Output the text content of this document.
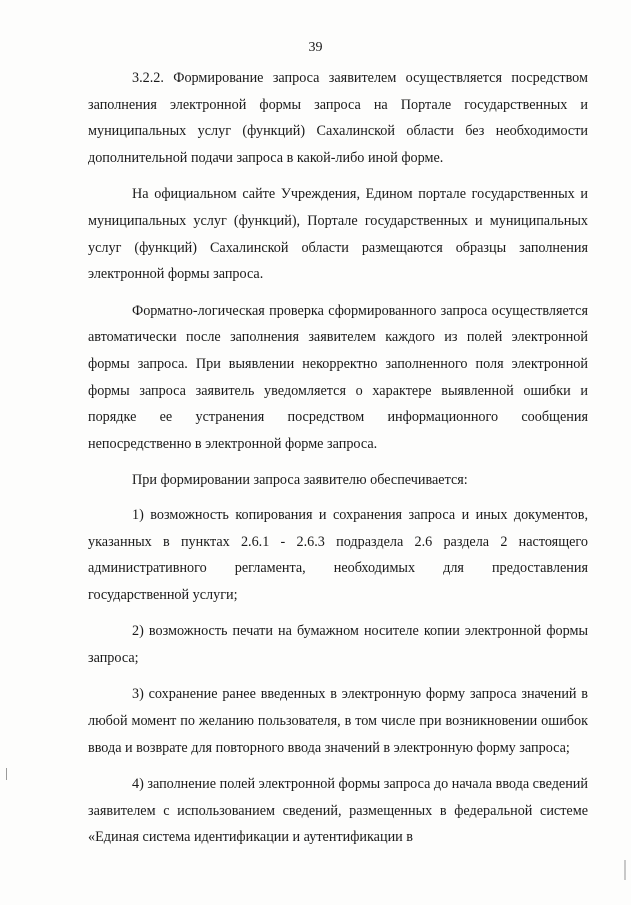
39

3.2.2. Формирование запроса заявителем осуществляется посредством заполнения электронной формы запроса на Портале государственных и муниципальных услуг (функций) Сахалинской области без необходимости дополнительной подачи запроса в какой-либо иной форме.

На официальном сайте Учреждения, Едином портале государственных и муниципальных услуг (функций), Портале государственных и муниципальных услуг (функций) Сахалинской области размещаются образцы заполнения электронной формы запроса.

Форматно-логическая проверка сформированного запроса осуществляется автоматически после заполнения заявителем каждого из полей электронной формы запроса. При выявлении некорректно заполненного поля электронной формы запроса заявитель уведомляется о характере выявленной ошибки и порядке ее устранения посредством информационного сообщения непосредственно в электронной форме запроса.

При формировании запроса заявителю обеспечивается:

1) возможность копирования и сохранения запроса и иных документов, указанных в пунктах 2.6.1 - 2.6.3 подраздела 2.6 раздела 2 настоящего административного регламента, необходимых для предоставления государственной услуги;

2) возможность печати на бумажном носителе копии электронной формы запроса;

3) сохранение ранее введенных в электронную форму запроса значений в любой момент по желанию пользователя, в том числе при возникновении ошибок ввода и возврате для повторного ввода значений в электронную форму запроса;

4) заполнение полей электронной формы запроса до начала ввода сведений заявителем с использованием сведений, размещенных в федеральной системе «Единая система идентификации и аутентификации в
